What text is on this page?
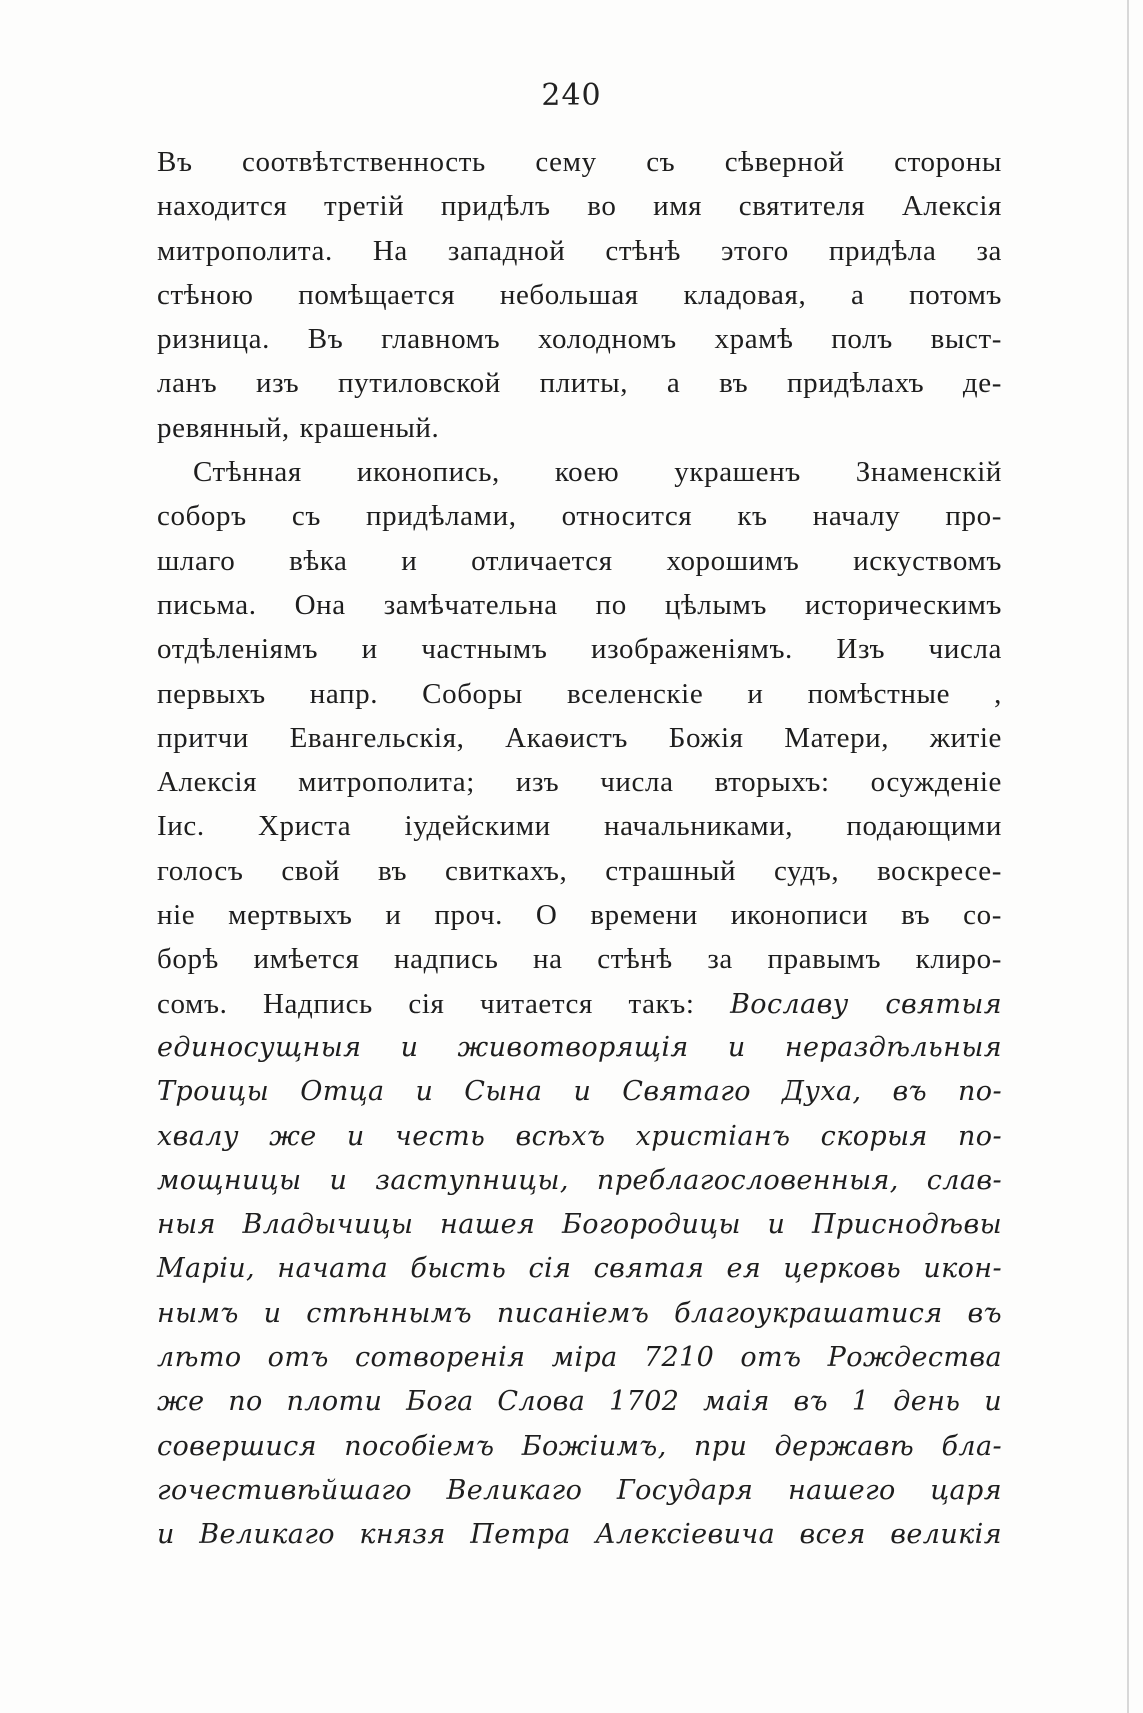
240
Въ соотвѣтственность сему съ сѣверной стороны
находится третій придѣлъ во имя святителя Алексія
митрополита. На западной стѣнѣ этого придѣла за
стѣною помѣщается небольшая кладовая, а потомъ
ризница. Въ главномъ холодномъ храмѣ полъ выст-
ланъ изъ путиловской плиты, а въ придѣлахъ де-
ревянный, крашеный.
Стѣнная иконопись, коею украшенъ Знаменскій
соборъ съ придѣлами, относится къ началу про-
шлаго вѣка и отличается хорошимъ искуствомъ
письма. Она замѣчательна по цѣлымъ историческимъ
отдѣленіямъ и частнымъ изображеніямъ. Изъ числа
первыхъ напр. Соборы вселенскіе и помѣстные ,
притчи Евангельскія, Акаѳистъ Божія Матери, житіе
Алексія митрополита; изъ числа вторыхъ: осужденіе
Іис. Христа іудейскими начальниками, подающими
голосъ свой въ свиткахъ, страшный судъ, воскресе-
ніе мертвыхъ и проч. О времени иконописи въ со-
борѣ имѣется надпись на стѣнѣ за правымъ клиро-
сомъ. Надпись сія читается такъ: Вославу святыя
единосущныя и животворящія и нераздѣльныя
Троицы Отца и Сына и Святаго Духа, въ по-
хвалу же и честь всѣхъ христіанъ скорыя по-
мощницы и заступницы, преблагословенныя, слав-
ныя Владычицы нашея Богородицы и Приснодѣвы
Маріи, начата бысть сія святая ея церковь икон-
нымъ и стѣннымъ писаніемъ благоукрашатися въ
лѣто отъ сотворенія міра 7210 отъ Рождества
же по плоти Бога Слова 1702 маія въ 1 день и
совершися пособіемъ Божіимъ, при державѣ бла-
гочестивѣйшаго Великаго Государя нашего царя
и Великаго князя Петра Алексіевича всея великія
